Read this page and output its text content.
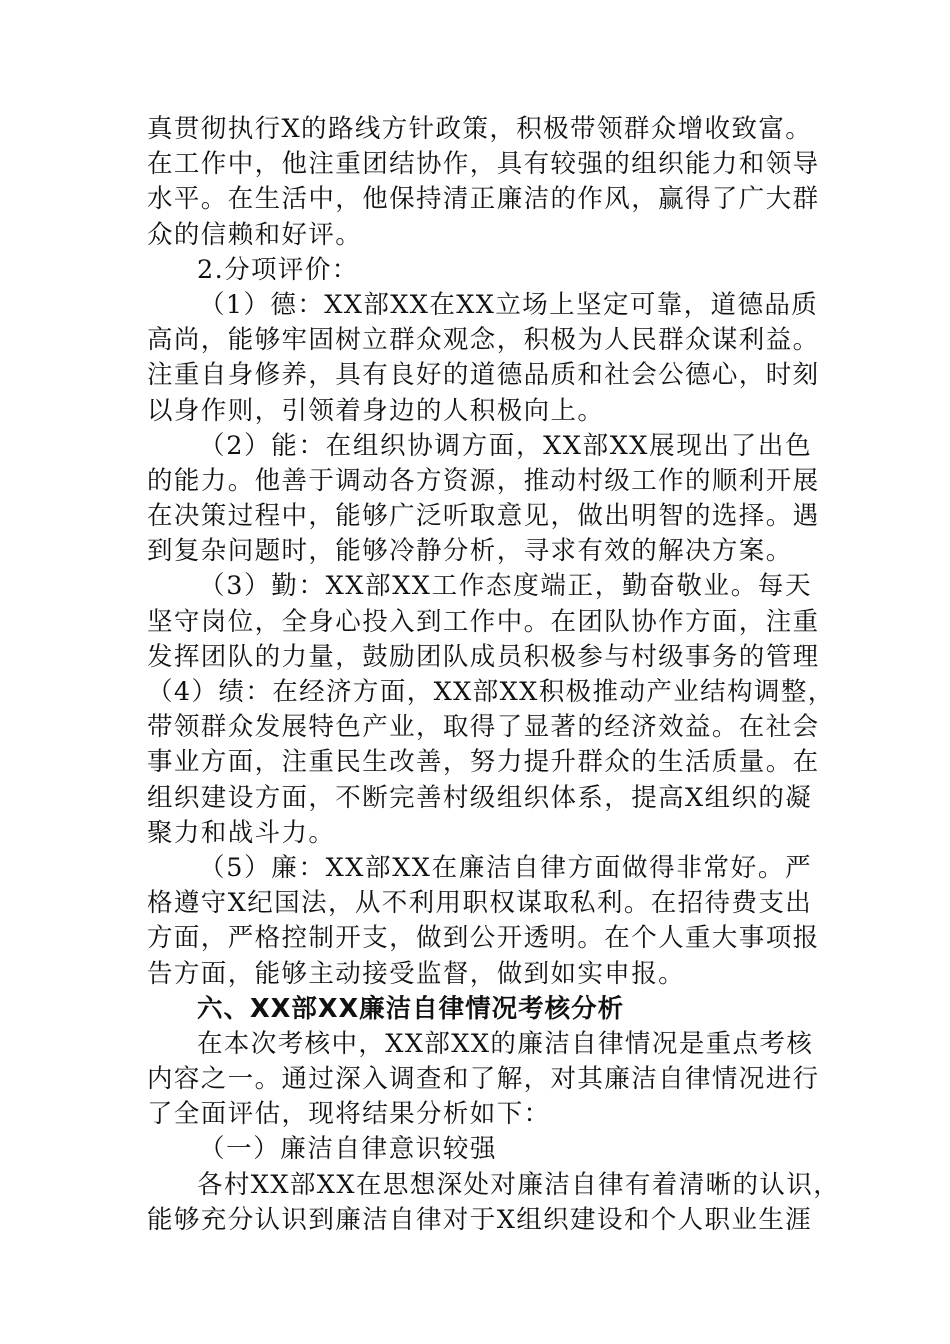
真贯彻执行X的路线方针政策，积极带领群众增收致富。
在工作中，他注重团结协作，具有较强的组织能力和领导
水平。在生活中，他保持清正廉洁的作风，赢得了广大群
众的信赖和好评。
2.分项评价：
（1）德：XX部XX在XX立场上坚定可靠，道德品质
高尚，能够牢固树立群众观念，积极为人民群众谋利益。
注重自身修养，具有良好的道德品质和社会公德心，时刻
以身作则，引领着身边的人积极向上。
（2）能：在组织协调方面，XX部XX展现出了出色
的能力。他善于调动各方资源，推动村级工作的顺利开展
在决策过程中，能够广泛听取意见，做出明智的选择。遇
到复杂问题时，能够冷静分析，寻求有效的解决方案。
（3）勤：XX部XX工作态度端正，勤奋敬业。每天
坚守岗位，全身心投入到工作中。在团队协作方面，注重
发挥团队的力量，鼓励团队成员积极参与村级事务的管理
（4）绩：在经济方面，XX部XX积极推动产业结构调整，
带领群众发展特色产业，取得了显著的经济效益。在社会
事业方面，注重民生改善，努力提升群众的生活质量。在
组织建设方面，不断完善村级组织体系，提高X组织的凝
聚力和战斗力。
（5）廉：XX部XX在廉洁自律方面做得非常好。严
格遵守X纪国法，从不利用职权谋取私利。在招待费支出
方面，严格控制开支，做到公开透明。在个人重大事项报
告方面，能够主动接受监督，做到如实申报。
六、XX部XX廉洁自律情况考核分析
在本次考核中，XX部XX的廉洁自律情况是重点考核
内容之一。通过深入调查和了解，对其廉洁自律情况进行
了全面评估，现将结果分析如下：
（一）廉洁自律意识较强
各村XX部XX在思想深处对廉洁自律有着清晰的认识，
能够充分认识到廉洁自律对于X组织建设和个人职业生涯
